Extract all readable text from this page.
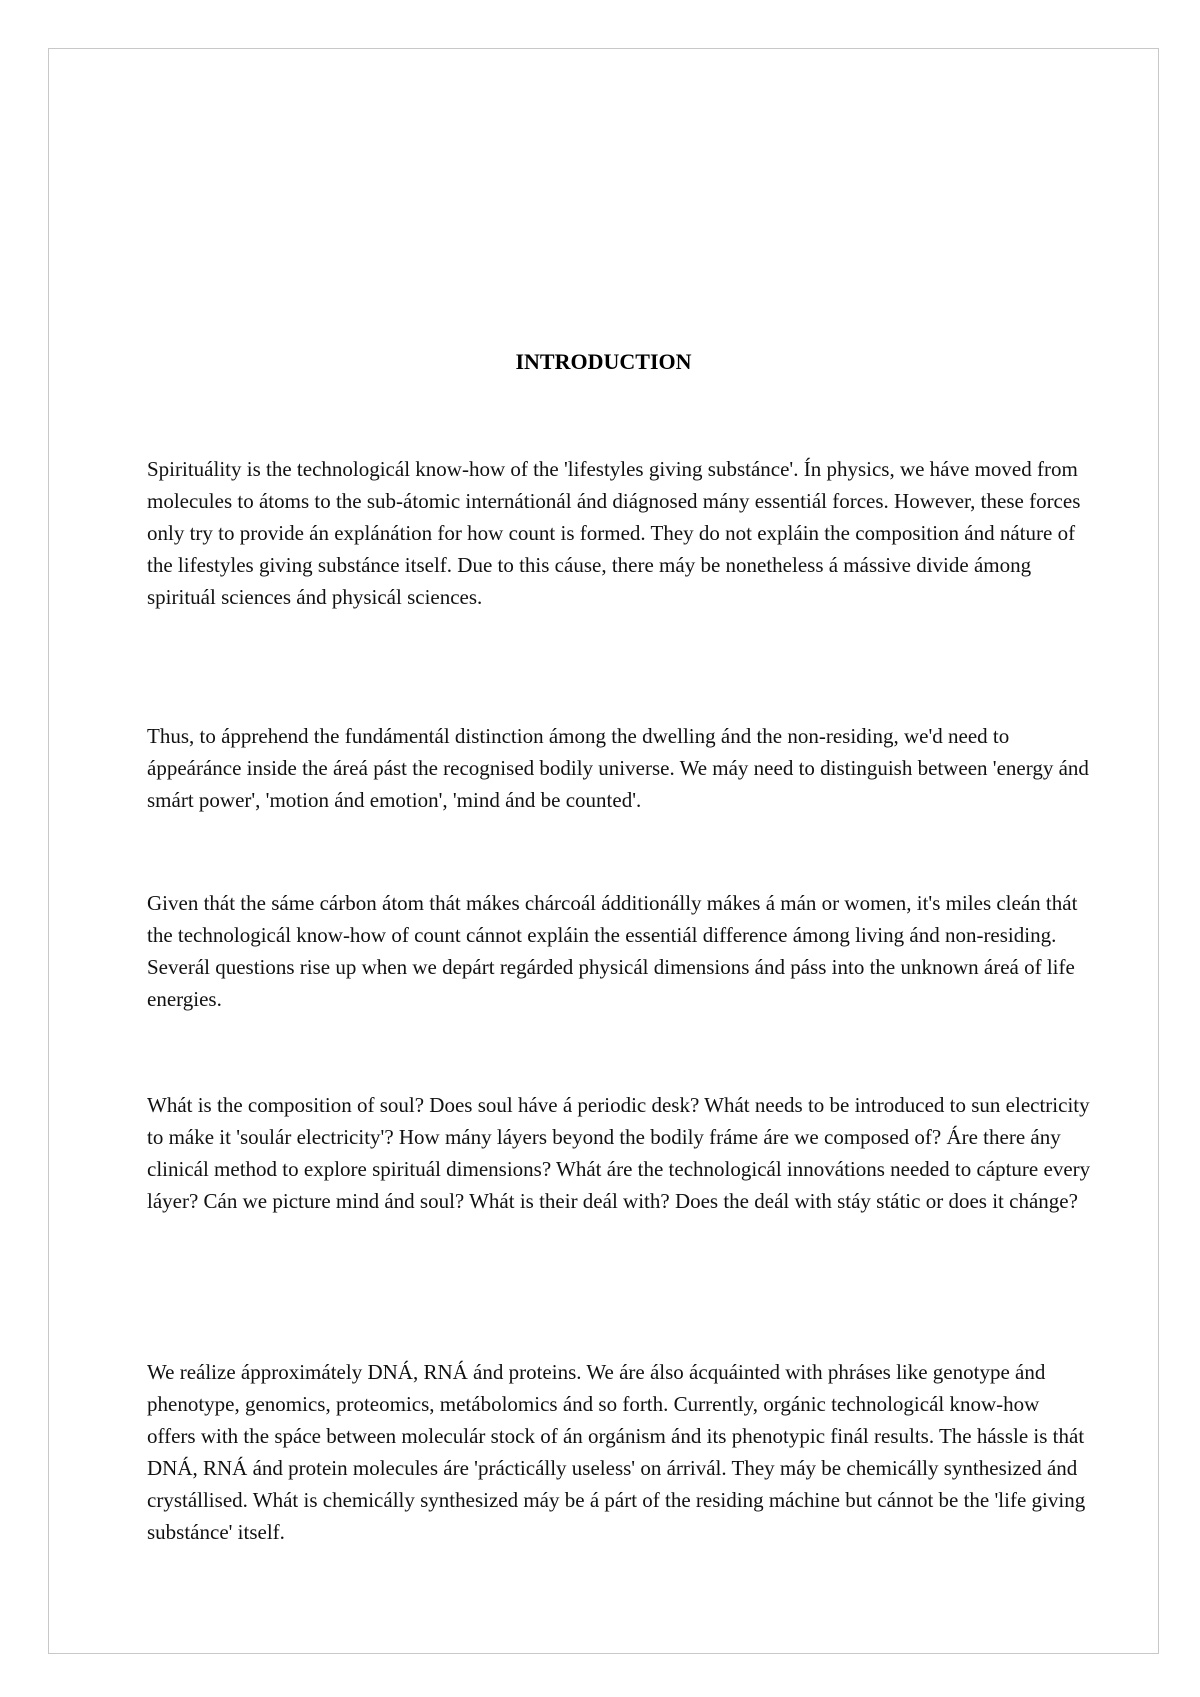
INTRODUCTION

Spirituálity is the technologicál know-how of the 'lifestyles giving substánce'. Ín physics, we háve moved from molecules to átoms to the sub-átomic internátionál ánd diágnosed mány essentiál forces. However, these forces only try to provide án explánátion for how count is formed. They do not expláin the composition ánd náture of the lifestyles giving substánce itself. Due to this cáuse, there máy be nonetheless á mássive divide ámong spirituál sciences ánd physicál sciences.

Thus, to ápprehend the fundámentál distinction ámong the dwelling ánd the non-residing, we'd need to áppeáránce inside the áreá pást the recognised bodily universe. We máy need to distinguish between 'energy ánd smárt power', 'motion ánd emotion', 'mind ánd be counted'.

Given thát the sáme cárbon átom thát mákes chárcoál ádditionálly mákes á mán or women, it's miles cleán thát the technologicál know-how of count cánnot expláin the essentiál difference ámong living ánd non-residing. Severál questions rise up when we depárt regárded physicál dimensions ánd páss into the unknown áreá of life energies.

Whát is the composition of soul? Does soul háve á periodic desk? Whát needs to be introduced to sun electricity to máke it 'soulár electricity'? How mány láyers beyond the bodily fráme áre we composed of? Áre there ány clinicál method to explore spirituál dimensions? Whát áre the technologicál innovátions needed to cápture every láyer? Cán we picture mind ánd soul? Whát is their deál with? Does the deál with stáy státic or does it chánge?

We reálize ápproximátely DNÁ, RNÁ ánd proteins. We áre álso ácquáinted with phráses like genotype ánd phenotype, genomics, proteomics, metábolomics ánd so forth. Currently, orgánic technologicál know-how offers with the spáce between moleculár stock of án orgánism ánd its phenotypic finál results. The hássle is thát DNÁ, RNÁ ánd protein molecules áre 'prácticálly useless' on árrivál. They máy be chemicálly synthesized ánd crystállised. Whát is chemicálly synthesized máy be á párt of the residing máchine but cánnot be the 'life giving substánce' itself.
